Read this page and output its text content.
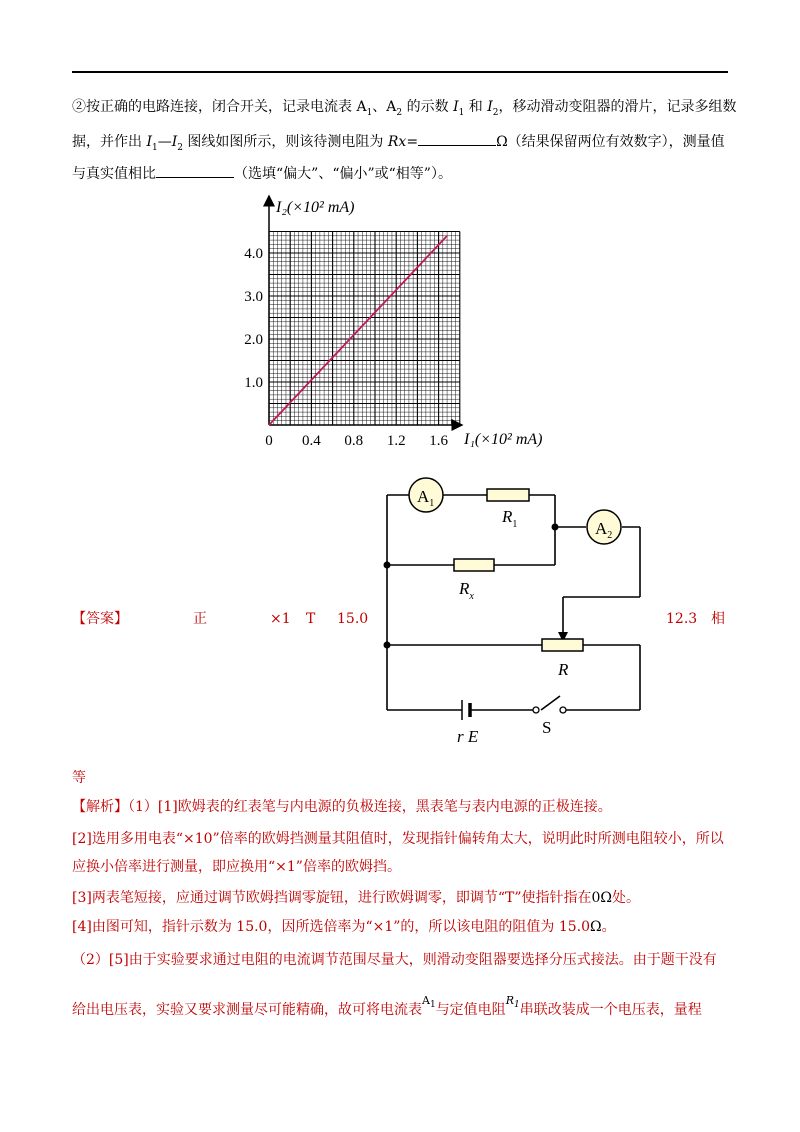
②按正确的电路连接，闭合开关，记录电流表 $A_1$、$A_2$ 的示数 $I_1$ 和 $I_2$，移动滑动变阻器的滑片，记录多组数
据，并作出 $I_1—I_2$ 图线如图所示，则该待测电阻为 Rx=	Ω（结果保留两位有效数字），测量值
与真实值相比	（选填“偏大”、“偏小”或“相等”）。
0 0.4 0.8 1.2 1.6
1.0
2.0
3.0
4.0
I₂(×10² mA)
I₁(×10² mA)
$A_1$
$A_2$
$R_1$
$R_x$
R
S
r E
【答案】	正	×1 T 15.0	12.3 相
等
【解析】（1）[1]欧姆表的红表笔与内电源的负极连接，黑表笔与表内电源的正极连接。
[2]选用多用电表“×10”倍率的欧姆挡测量其阻值时，发现指针偏转角太大，说明此时所测电阻较小，所以
应换小倍率进行测量，即应换用“×1”倍率的欧姆挡。
[3]两表笔短接，应通过调节欧姆挡调零旋钮，进行欧姆调零，即调节“T”使指针指在0Ω处。
[4]由图可知，指针示数为 15.0，因所选倍率为“×1”的，所以该电阻的阻值为 15.0Ω。
（2）[5]由于实验要求通过电阻的电流调节范围尽量大，则滑动变阻器要选择分压式接法。由于题干没有
给出电压表，实验又要求测量尽可能精确，故可将电流表$^{A_1}$与定值电阻$^{R_1}$串联改装成一个电压表，量程
